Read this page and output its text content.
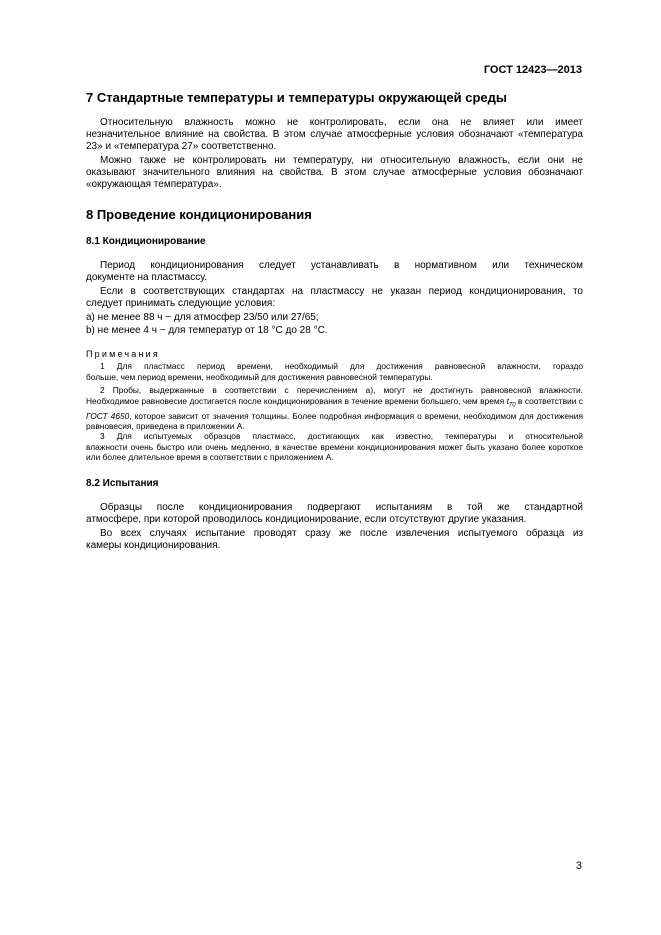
ГОСТ 12423—2013
7 Стандартные температуры и температуры окружающей среды

Относительную влажность можно не контролировать, если она не влияет или имеет

незначительное влияние на свойства. В этом случае атмосферные условия обозначают «температура 23» и «температура 27» соответственно.

Можно также не контролировать ни температуру, ни относительную влажность, если они не

оказывают значительного влияния на свойства. В этом случае атмосферные условия обозначают «окружающая температура».

8 Проведение кондиционирования
8.1 Кондиционирование

Период кондиционирования следует устанавливать в нормативном или техническом

документе на пластмассу.

Если в соответствующих стандартах на пластмассу не указан период кондиционирования, то

следует принимать следующие условия:

a) не менее 88 ч − для атмосфер 23/50 или 27/65;

b) не менее 4 ч − для температур от 18 °С до 28 °С.

Примечания

1 Для пластмасс период времени, необходимый для достижения равновесной влажности, гораздо

больше, чем период времени, необходимый для достижения равновесной температуры.

2 Пробы, выдержанные в соответствии с перечислением а), могут не достигнуть равновесной влажности.

Необходимое равновесие достигается после кондиционирования в течение времени большего, чем время $t_{70}$ в соответствии с ГОСТ 4650, которое зависит от значения толщины. Более подробная информация о времени, необходимом для достижения равновесия, приведена в приложении А.

3 Для испытуемых образцов пластмасс, достигающих как известно, температуры и относительной

влажности очень быстро или очень медленно, в качестве времени кондиционирования может быть указано более короткое или более длительное время в соответствии с приложением А.

8.2 Испытания

Образцы после кондиционирования подвергают испытаниям в той же стандартной

атмосфере, при которой проводилось кондиционирование, если отсутствуют другие указания.

Во всех случаях испытание проводят сразу же после извлечения испытуемого образца из

камеры кондиционирования.

3
